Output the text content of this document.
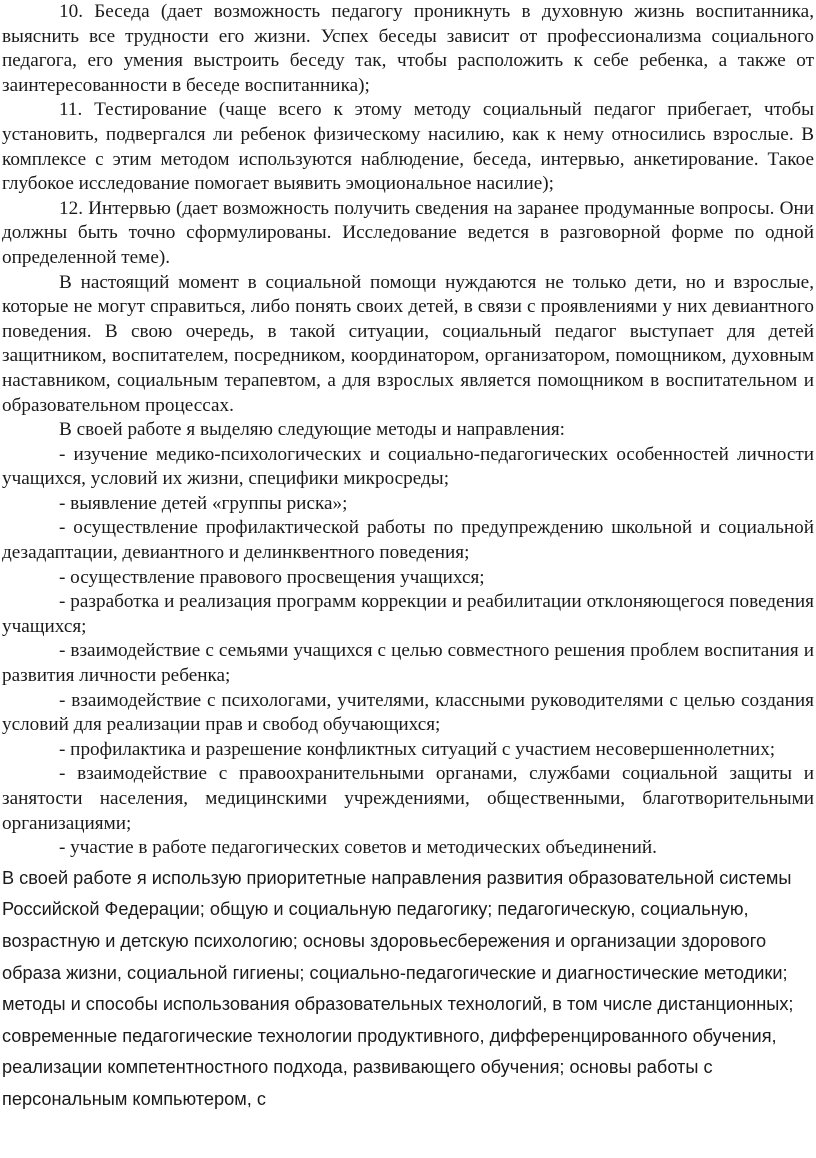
10. Беседа (дает возможность педагогу проникнуть в духовную жизнь воспитанника, выяснить все трудности его жизни. Успех беседы зависит от профессионализма социального педагога, его умения выстроить беседу так, чтобы расположить к себе ребенка, а также от заинтересованности в беседе воспитанника);

11. Тестирование (чаще всего к этому методу социальный педагог прибегает, чтобы установить, подвергался ли ребенок физическому насилию, как к нему относились взрослые. В комплексе с этим методом используются наблюдение, беседа, интервью, анкетирование. Такое глубокое исследование помогает выявить эмоциональное насилие);

12. Интервью (дает возможность получить сведения на заранее продуманные вопросы. Они должны быть точно сформулированы. Исследование ведется в разговорной форме по одной определенной теме).

В настоящий момент в социальной помощи нуждаются не только дети, но и взрослые, которые не могут справиться, либо понять своих детей, в связи с проявлениями у них девиантного поведения. В свою очередь, в такой ситуации, социальный педагог выступает для детей защитником, воспитателем, посредником, координатором, организатором, помощником, духовным наставником, социальным терапевтом, а для взрослых является помощником в воспитательном и образовательном процессах.

В своей работе я выделяю следующие методы и направления:

- изучение медико-психологических и социально-педагогических особенностей личности учащихся, условий их жизни, специфики микросреды;

- выявление детей «группы риска»;

- осуществление профилактической работы по предупреждению школьной и социальной дезадаптации, девиантного и делинквентного поведения;

- осуществление правового просвещения учащихся;

- разработка и реализация программ коррекции и реабилитации отклоняющегося поведения учащихся;

- взаимодействие с семьями учащихся с целью совместного решения проблем воспитания и развития личности ребенка;

- взаимодействие с психологами, учителями, классными руководителями с целью создания условий для реализации прав и свобод обучающихся;

- профилактика и разрешение конфликтных ситуаций с участием несовершеннолетних;

- взаимодействие с правоохранительными органами, службами социальной защиты и занятости населения, медицинскими учреждениями, общественными, благотворительными организациями;

- участие в работе педагогических советов и методических объединений.

В своей работе я использую приоритетные направления развития образовательной системы Российской Федерации; общую и социальную педагогику; педагогическую, социальную, возрастную и детскую психологию; основы здоровьесбережения и организации здорового образа жизни, социальной гигиены; социально-педагогические и диагностические методики; методы и способы использования образовательных технологий, в том числе дистанционных; современные педагогические технологии продуктивного, дифференцированного обучения, реализации компетентностного подхода, развивающего обучения; основы работы с персональным компьютером, с
